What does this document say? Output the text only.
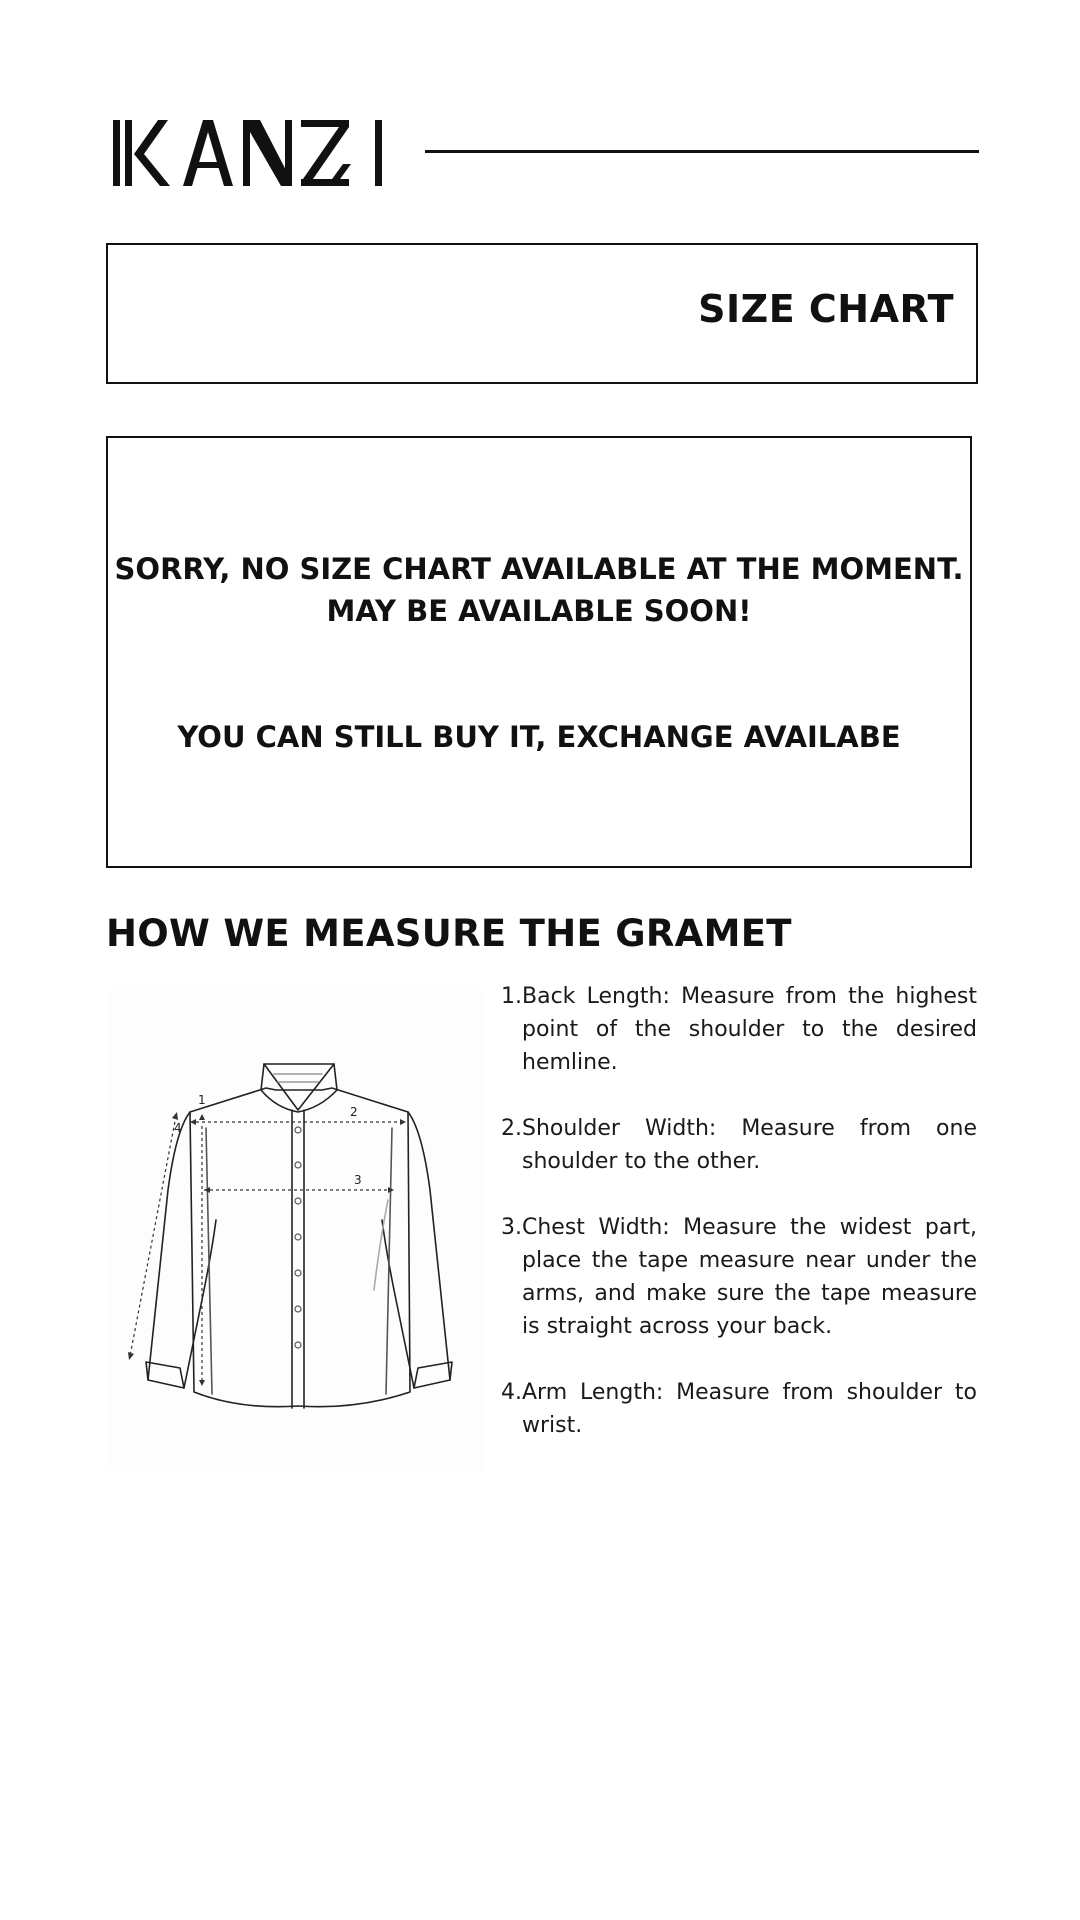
SIZE CHART

SORRY, NO SIZE CHART AVAILABLE AT THE MOMENT. MAY BE AVAILABLE SOON!

YOU CAN STILL BUY IT, EXCHANGE AVAILABE

HOW WE MEASURE THE GRAMET
1
2
3
4
1. Back Length: Measure from the highest point of the shoulder to the desired hemline.
2. Shoulder Width: Measure from one shoulder to the other.
3. Chest Width: Measure the widest part, place the tape measure near under the arms, and make sure the tape measure is straight across your back.
4. Arm Length: Measure from shoulder to wrist.
